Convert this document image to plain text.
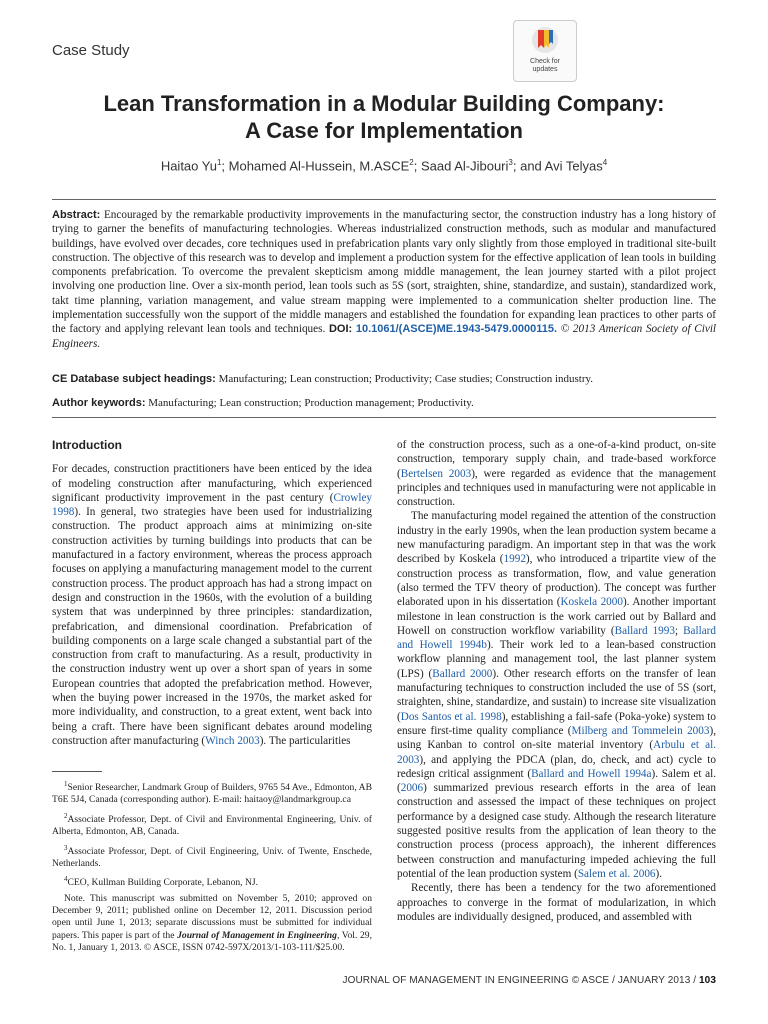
Case Study
Check for
updates
Lean Transformation in a Modular Building Company:
A Case for Implementation
Haitao Yu$^1$; Mohamed Al-Hussein, M.ASCE$^2$; Saad Al-Jibouri$^3$; and Avi Telyas$^4$
Abstract: Encouraged by the remarkable productivity improvements in the manufacturing sector, the construction industry has a long history of trying to garner the benefits of manufacturing technologies. Whereas industrialized construction methods, such as modular and manufactured buildings, have evolved over decades, core techniques used in prefabrication plants vary only slightly from those employed in traditional site-built construction. The objective of this research was to develop and implement a production system for the effective application of lean tools in building components prefabrication. To overcome the prevalent skepticism among middle management, the lean journey started with a pilot project involving one production line. Over a six-month period, lean tools such as 5S (sort, straighten, shine, standardize, and sustain), standardized work, takt time planning, variation management, and value stream mapping were implemented to a communication shelter production line. The implementation successfully won the support of the middle managers and established the foundation for expanding lean practices to other parts of the factory and applying relevant lean tools and techniques. DOI: 10.1061/(ASCE)ME.1943-5479.0000115. © 2013 American Society of Civil Engineers.
CE Database subject headings: Manufacturing; Lean construction; Productivity; Case studies; Construction industry.
Author keywords: Manufacturing; Lean construction; Production management; Productivity.
Introduction

For decades, construction practitioners have been enticed by the idea of modeling construction after manufacturing, which experienced significant productivity improvement in the past century (Crowley 1998). In general, two strategies have been used for industrializing construction. The product approach aims at minimizing on-site construction activities by turning buildings into products that can be manufactured in a factory environment, whereas the process approach focuses on applying a manufacturing management model to the current construction process. The product approach has had a strong impact on design and construction in the 1960s, with the evolution of a building system that was underpinned by three principles: standardization, prefabrication, and dimensional coordination. Prefabrication of building components on a large scale changed a substantial part of the construction from craft to manufacturing. As a result, productivity in the construction industry went up over a short span of years in some European countries that adopted the prefabrication method. However, when the buying power increased in the 1970s, the market asked for more individuality, and construction, to a great extent, went back into being a craft. There have been significant debates around modeling construction after manufacturing (Winch 2003). The particularities

of the construction process, such as a one-of-a-kind product, on-site construction, temporary supply chain, and trade-based workforce (Bertelsen 2003), were regarded as evidence that the management principles and techniques used in manufacturing were not applicable in construction.

The manufacturing model regained the attention of the construction industry in the early 1990s, when the lean production system became a new manufacturing paradigm. An important step in that was the work described by Koskela (1992), who introduced a tripartite view of the construction process as transformation, flow, and value generation (also termed the TFV theory of production). The concept was further elaborated upon in his dissertation (Koskela 2000). Another important milestone in lean construction is the work carried out by Ballard and Howell on construction workflow variability (Ballard 1993; Ballard and Howell 1994b). Their work led to a lean-based construction workflow planning and management tool, the last planner system (LPS) (Ballard 2000). Other research efforts on the transfer of lean manufacturing techniques to construction included the use of 5S (sort, straighten, shine, standardize, and sustain) to increase site visualization (Dos Santos et al. 1998), establishing a fail-safe (Poka-yoke) system to ensure first-time quality compliance (Milberg and Tommelein 2003), using Kanban to control on-site material inventory (Arbulu et al. 2003), and applying the PDCA (plan, do, check, and act) cycle to redesign critical assignment (Ballard and Howell 1994a). Salem et al. (2006) summarized previous research efforts in the area of lean construction and assessed the impact of these techniques on project performance by a designed case study. Although the research literature suggested positive results from the application of lean theory to the construction process (process approach), the inherent differences between construction and manufacturing impeded achieving the full potential of the lean production system (Salem et al. 2006).

Recently, there has been a tendency for the two aforementioned approaches to converge in the format of modularization, in which modules are individually designed, produced, and assembled with

$^1$Senior Researcher, Landmark Group of Builders, 9765 54 Ave., Edmonton, AB T6E 5J4, Canada (corresponding author). E-mail: haitaoy@landmarkgroup.ca

$^2$Associate Professor, Dept. of Civil and Environmental Engineering, Univ. of Alberta, Edmonton, AB, Canada.

$^3$Associate Professor, Dept. of Civil Engineering, Univ. of Twente, Enschede, Netherlands.

$^4$CEO, Kullman Building Corporate, Lebanon, NJ.

Note. This manuscript was submitted on November 5, 2010; approved on December 9, 2011; published online on December 12, 2011. Discussion period open until June 1, 2013; separate discussions must be submitted for individual papers. This paper is part of the Journal of Management in Engineering, Vol. 29, No. 1, January 1, 2013. © ASCE, ISSN 0742-597X/2013/1-103-111/$25.00.

JOURNAL OF MANAGEMENT IN ENGINEERING © ASCE / JANUARY 2013 / 103
